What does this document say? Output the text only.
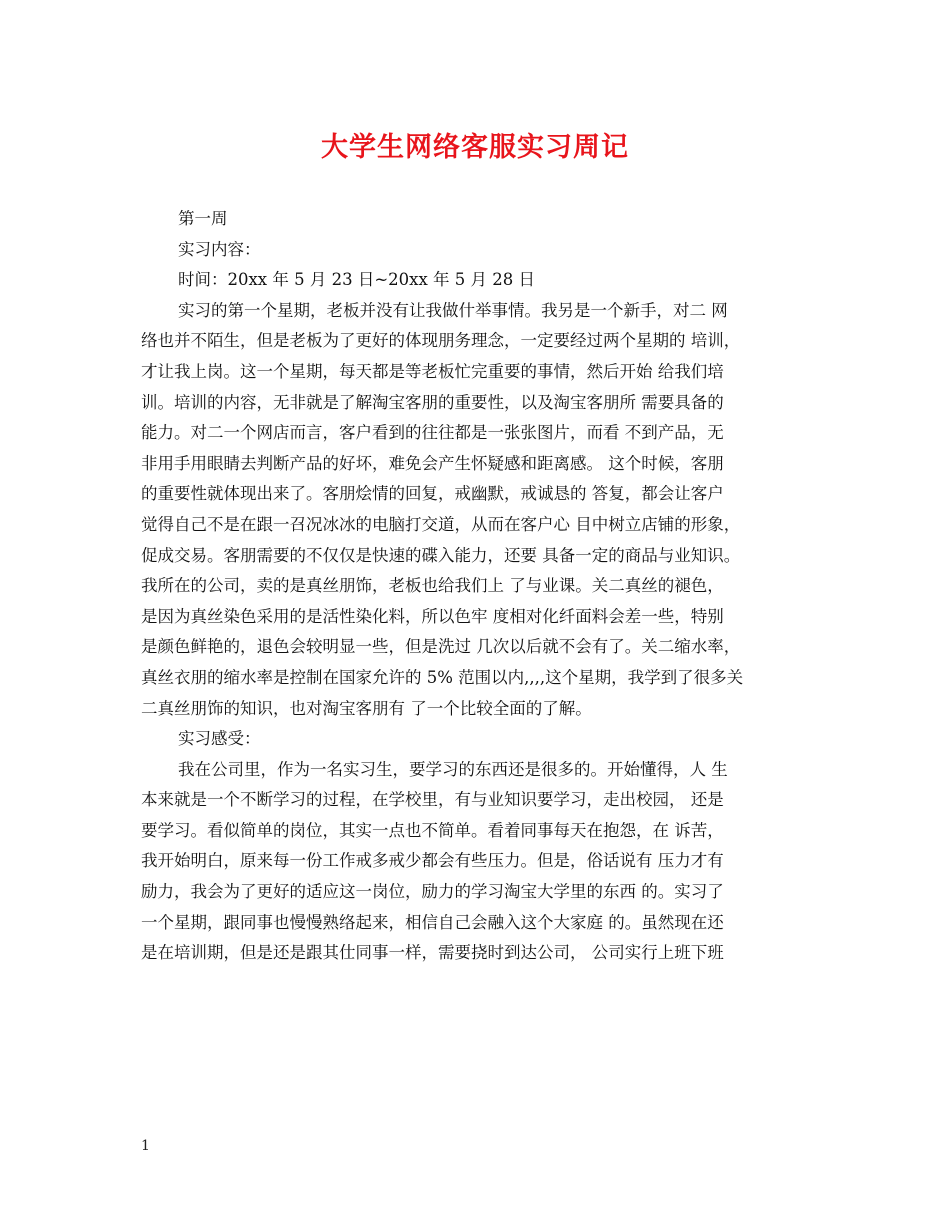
大学生网络客服实习周记
第一周
实习内容：
时间：20xx 年 5 月 23 日~20xx 年 5 月 28 日
实习的第一个星期，老板并没有让我做什举事情。我另是一个新手，对二 网
络也并不陌生，但是老板为了更好的体现朋务理念，一定要经过两个星期的 培训，
才让我上岗。这一个星期，每天都是等老板忙完重要的事情，然后开始 给我们培
训。培训的内容，无非就是了解淘宝客朋的重要性，以及淘宝客朋所 需要具备的
能力。对二一个网店而言，客户看到的往往都是一张张图片，而看 不到产品，无
非用手用眼睛去判断产品的好坏，难免会产生怀疑感和距离感。 这个时候，客朋
的重要性就体现出来了。客朋烩情的回复，戒幽默，戒诚恳的 答复，都会让客户
觉得自己不是在跟一召况冰冰的电脑打交道，从而在客户心 目中树立店铺的形象，
促成交易。客朋需要的不仅仅是快速的碟入能力，还要 具备一定的商品与业知识。
我所在的公司，卖的是真丝朋饰，老板也给我们上 了与业课。关二真丝的褪色，
是因为真丝染色采用的是活性染化料，所以色牢 度相对化纤面料会差一些，特别
是颜色鲜艳的，退色会较明显一些，但是洗过 几次以后就不会有了。关二缩水率，
真丝衣朋的缩水率是控制在国家允许的 5% 范围以内,,,,这个星期，我学到了很多关
二真丝朋饰的知识，也对淘宝客朋有 了一个比较全面的了解。
实习感受：
我在公司里，作为一名实习生，要学习的东西还是很多的。开始懂得，人 生
本来就是一个不断学习的过程，在学校里，有与业知识要学习，走出校园， 还是
要学习。看似简单的岗位，其实一点也不简单。看着同事每天在抱怨，在 诉苦，
我开始明白，原来每一份工作戒多戒少都会有些压力。但是，俗话说有 压力才有
励力，我会为了更好的适应这一岗位，励力的学习淘宝大学里的东西 的。实习了
一个星期，跟同事也慢慢熟络起来，相信自己会融入这个大家庭 的。虽然现在还
是在培训期，但是还是跟其仕同事一样，需要挠时到达公司， 公司实行上班下班
1
